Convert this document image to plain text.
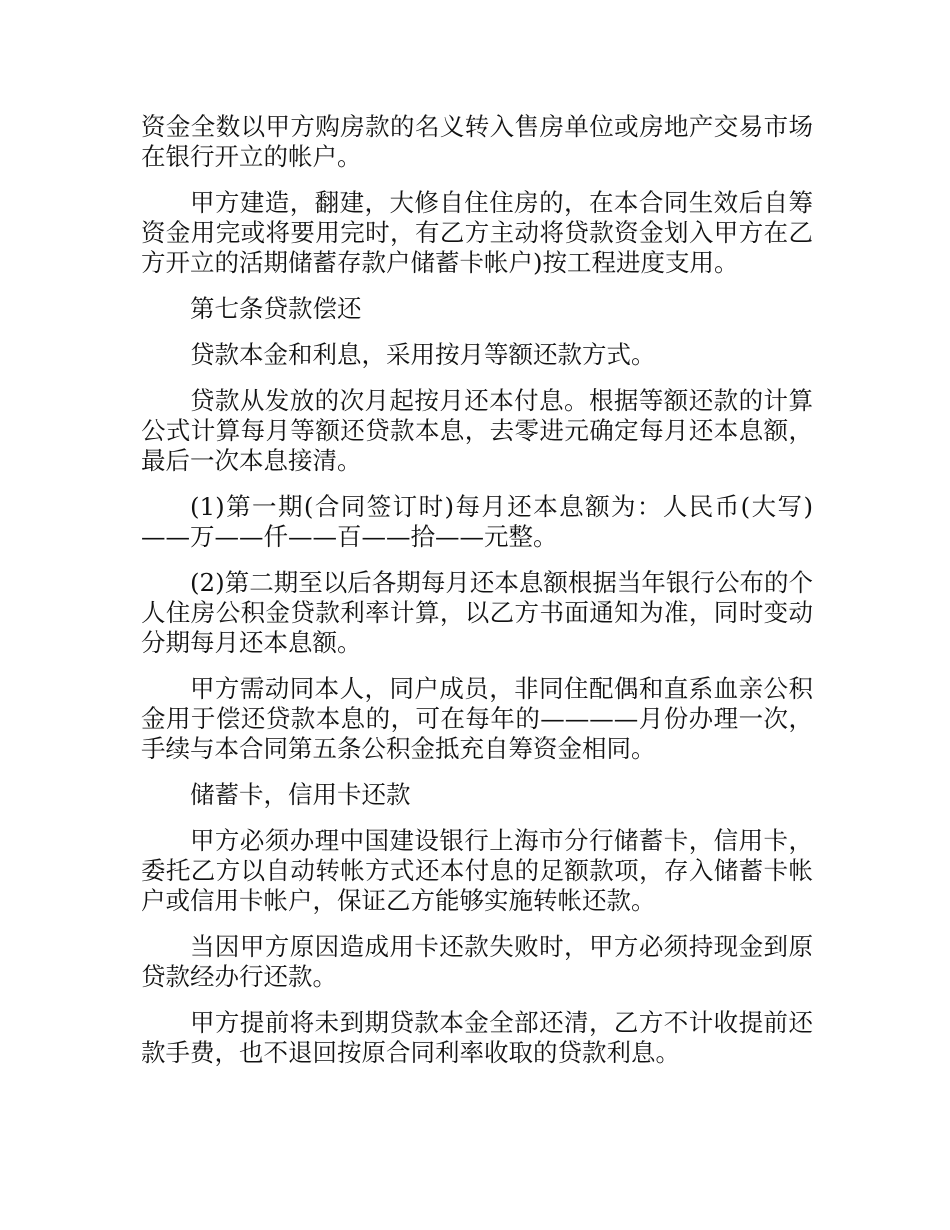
资金全数以甲方购房款的名义转入售房单位或房地产交易市场在银行开立的帐户。

甲方建造，翻建，大修自住住房的，在本合同生效后自筹资金用完或将要用完时，有乙方主动将贷款资金划入甲方在乙方开立的活期储蓄存款户储蓄卡帐户)按工程进度支用。

第七条贷款偿还

贷款本金和利息，采用按月等额还款方式。

贷款从发放的次月起按月还本付息。根据等额还款的计算公式计算每月等额还贷款本息，去零进元确定每月还本息额，最后一次本息接清。

(1)第一期(合同签订时)每月还本息额为：人民币(大写)——万——仟——百——拾——元整。

(2)第二期至以后各期每月还本息额根据当年银行公布的个人住房公积金贷款利率计算，以乙方书面通知为准，同时变动分期每月还本息额。

甲方需动同本人，同户成员，非同住配偶和直系血亲公积金用于偿还贷款本息的，可在每年的————月份办理一次，手续与本合同第五条公积金抵充自筹资金相同。

储蓄卡，信用卡还款

甲方必须办理中国建设银行上海市分行储蓄卡，信用卡，委托乙方以自动转帐方式还本付息的足额款项，存入储蓄卡帐户或信用卡帐户，保证乙方能够实施转帐还款。

当因甲方原因造成用卡还款失败时，甲方必须持现金到原贷款经办行还款。

甲方提前将未到期贷款本金全部还清，乙方不计收提前还款手费，也不退回按原合同利率收取的贷款利息。
